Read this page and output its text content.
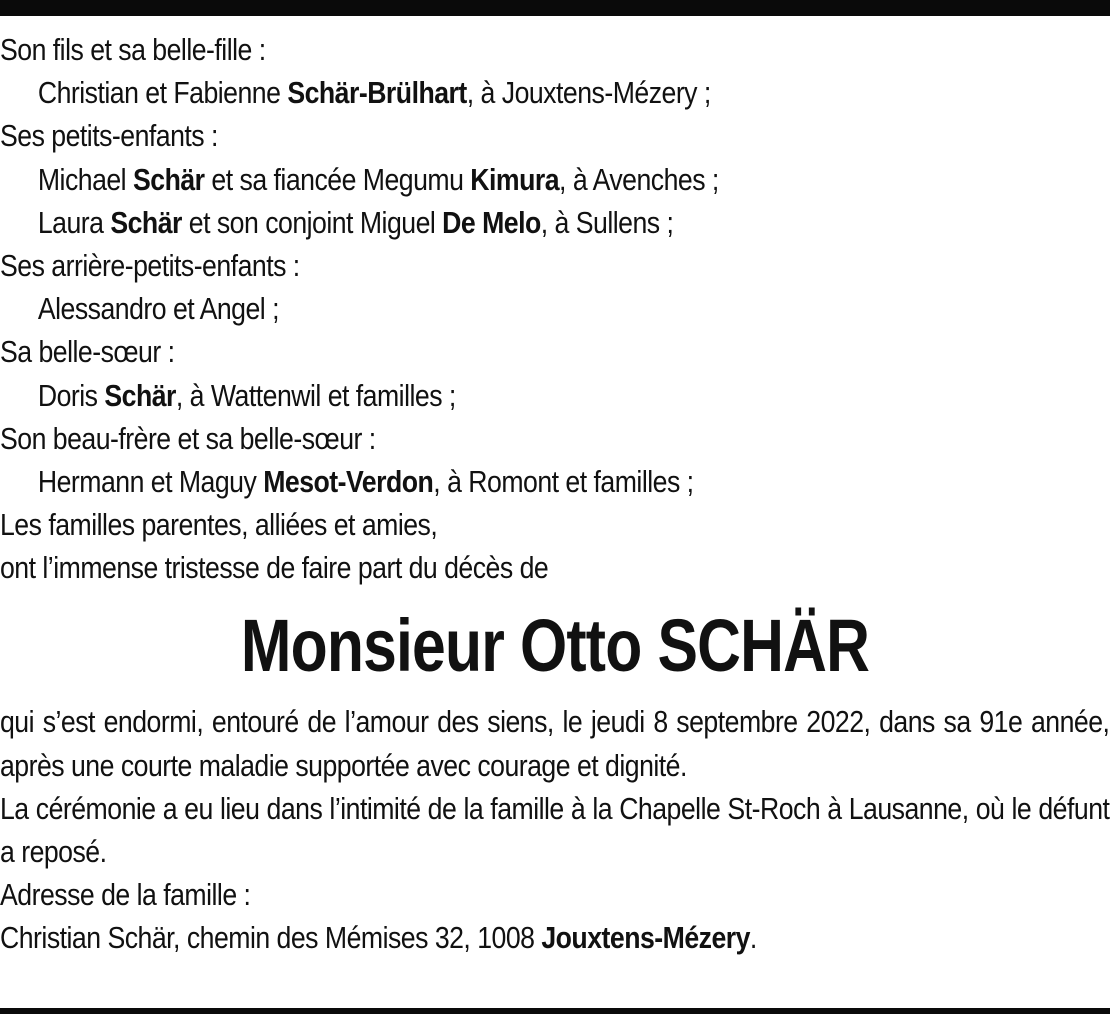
Son fils et sa belle-fille :
Christian et Fabienne Schär-Brülhart, à Jouxtens-Mézery ;
Ses petits-enfants :
Michael Schär et sa fiancée Megumu Kimura, à Avenches ;
Laura Schär et son conjoint Miguel De Melo, à Sullens ;
Ses arrière-petits-enfants :
Alessandro et Angel ;
Sa belle-sœur :
Doris Schär, à Wattenwil et familles ;
Son beau-frère et sa belle-sœur :
Hermann et Maguy Mesot-Verdon, à Romont et familles ;
Les familles parentes, alliées et amies,
ont l’immense tristesse de faire part du décès de
Monsieur Otto SCHÄR
qui s’est endormi, entouré de l’amour des siens, le jeudi 8 septembre 2022, dans sa 91e année, après une courte maladie supportée avec courage et dignité.
La cérémonie a eu lieu dans l’intimité de la famille à la Chapelle St-Roch à Lausanne, où le défunt a reposé.
Adresse de la famille :
Christian Schär, chemin des Mémises 32, 1008 Jouxtens-Mézery.
